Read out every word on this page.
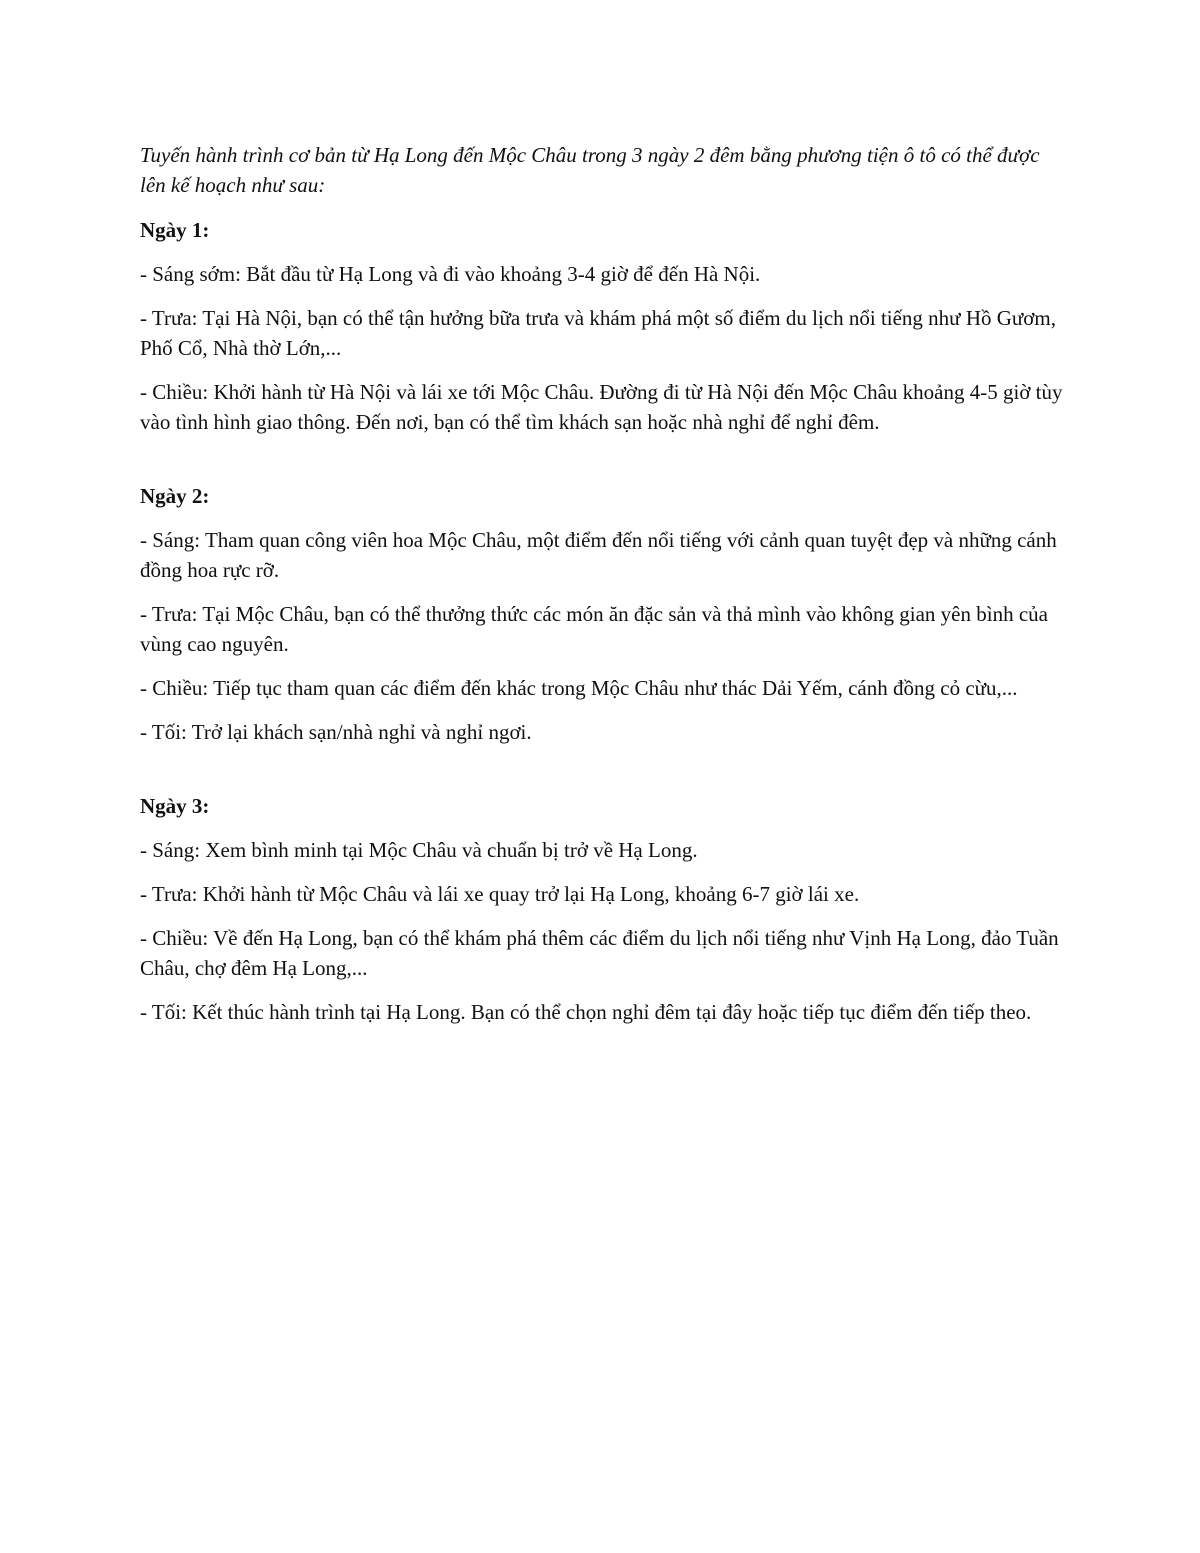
Tuyến hành trình cơ bản từ Hạ Long đến Mộc Châu trong 3 ngày 2 đêm bằng phương tiện ô tô có thể được lên kế hoạch như sau:

Ngày 1:

- Sáng sớm: Bắt đầu từ Hạ Long và đi vào khoảng 3-4 giờ để đến Hà Nội.

- Trưa: Tại Hà Nội, bạn có thể tận hưởng bữa trưa và khám phá một số điểm du lịch nổi tiếng như Hồ Gươm, Phố Cổ, Nhà thờ Lớn,...

- Chiều: Khởi hành từ Hà Nội và lái xe tới Mộc Châu. Đường đi từ Hà Nội đến Mộc Châu khoảng 4-5 giờ tùy vào tình hình giao thông. Đến nơi, bạn có thể tìm khách sạn hoặc nhà nghỉ để nghỉ đêm.

Ngày 2:

- Sáng: Tham quan công viên hoa Mộc Châu, một điểm đến nổi tiếng với cảnh quan tuyệt đẹp và những cánh đồng hoa rực rỡ.

- Trưa: Tại Mộc Châu, bạn có thể thưởng thức các món ăn đặc sản và thả mình vào không gian yên bình của vùng cao nguyên.

- Chiều: Tiếp tục tham quan các điểm đến khác trong Mộc Châu như thác Dải Yếm, cánh đồng cỏ cừu,...

- Tối: Trở lại khách sạn/nhà nghỉ và nghỉ ngơi.

Ngày 3:

- Sáng: Xem bình minh tại Mộc Châu và chuẩn bị trở về Hạ Long.

- Trưa: Khởi hành từ Mộc Châu và lái xe quay trở lại Hạ Long, khoảng 6-7 giờ lái xe.

- Chiều: Về đến Hạ Long, bạn có thể khám phá thêm các điểm du lịch nổi tiếng như Vịnh Hạ Long, đảo Tuần Châu, chợ đêm Hạ Long,...

- Tối: Kết thúc hành trình tại Hạ Long. Bạn có thể chọn nghỉ đêm tại đây hoặc tiếp tục điểm đến tiếp theo.
